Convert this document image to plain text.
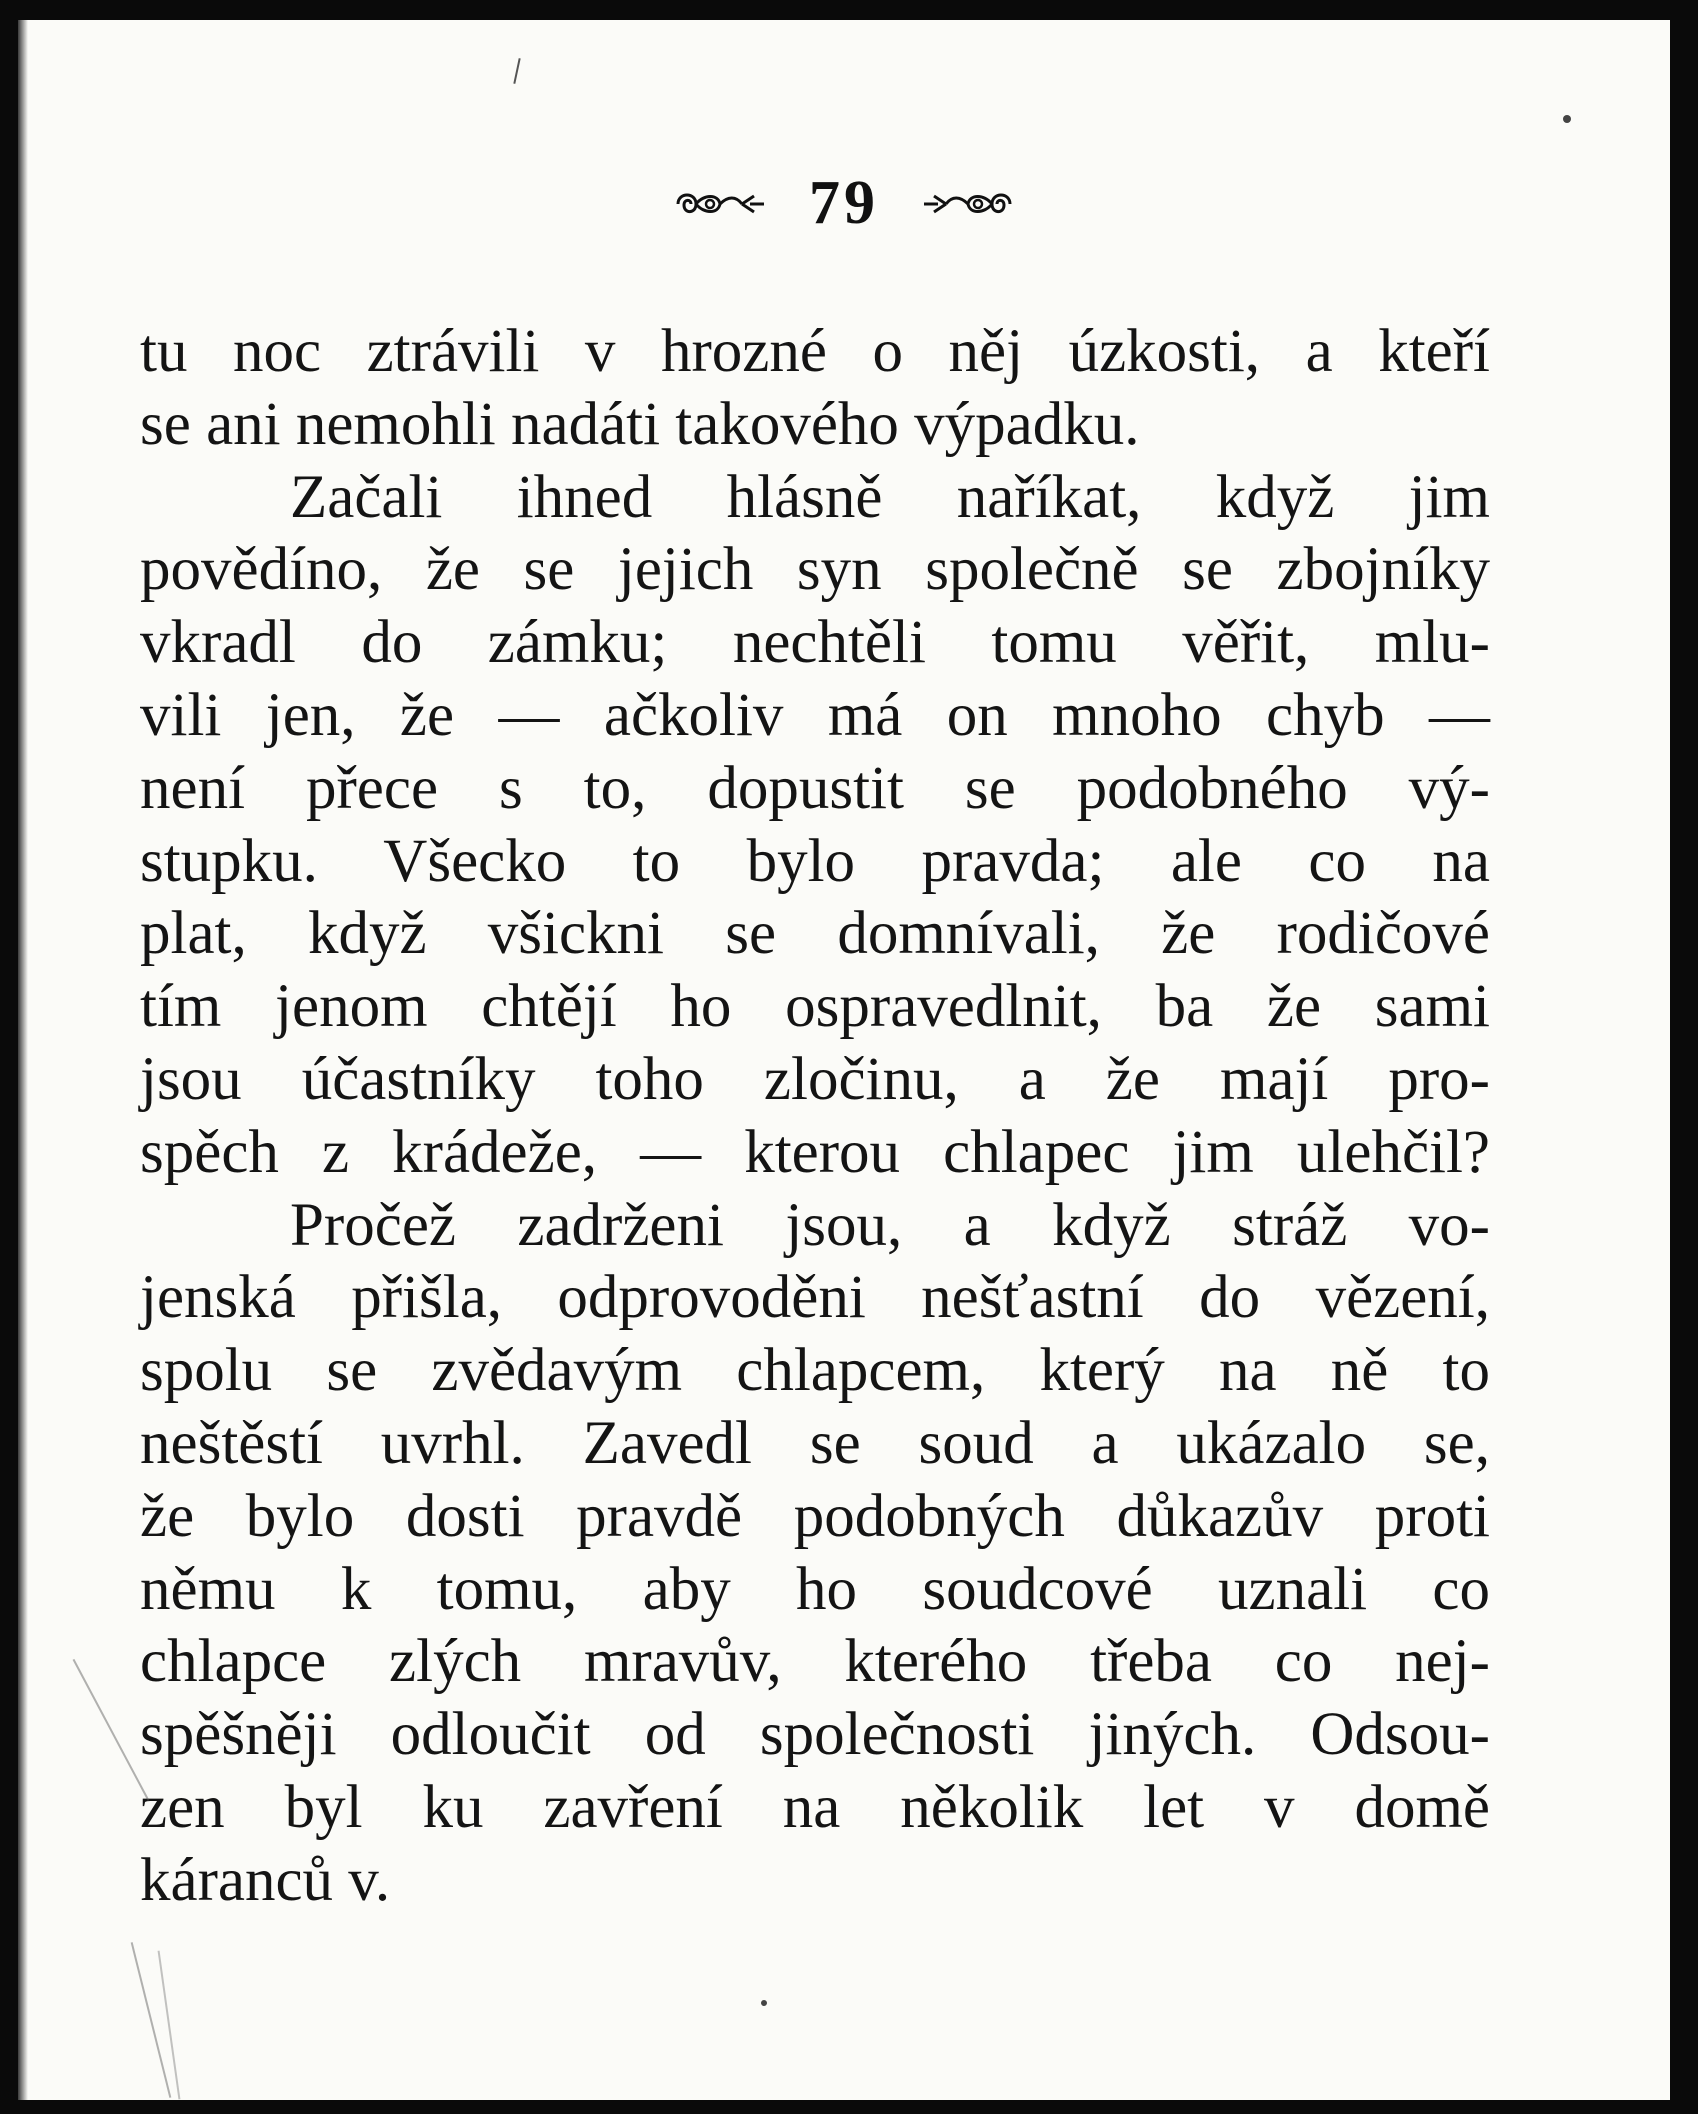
79
tu noc ztrávili v hrozné o něj úzkosti, a kteří
se ani nemohli nadáti takového výpadku.
Začali ihned hlásně naříkat, když jim
povědíno, že se jejich syn společně se zbojníky
vkradl do zámku; nechtěli tomu věřit, mlu-
vili jen, že — ačkoliv má on mnoho chyb —
není přece s to, dopustit se podobného vý-
stupku. Všecko to bylo pravda; ale co na
plat, když všickni se domnívali, že rodičové
tím jenom chtějí ho ospravedlnit, ba že sami
jsou účastníky toho zločinu, a že mají pro-
spěch z krádeže, — kterou chlapec jim ulehčil?
Pročež zadrženi jsou, a když stráž vo-
jenská přišla, odprovoděni nešťastní do vězení,
spolu se zvědavým chlapcem, který na ně to
neštěstí uvrhl. Zavedl se soud a ukázalo se,
že bylo dosti pravdě podobných důkazův proti
němu k tomu, aby ho soudcové uznali co
chlapce zlých mravův, kterého třeba co nej-
spěšněji odloučit od společnosti jiných. Odsou-
zen byl ku zavření na několik let v domě
káranců v.
